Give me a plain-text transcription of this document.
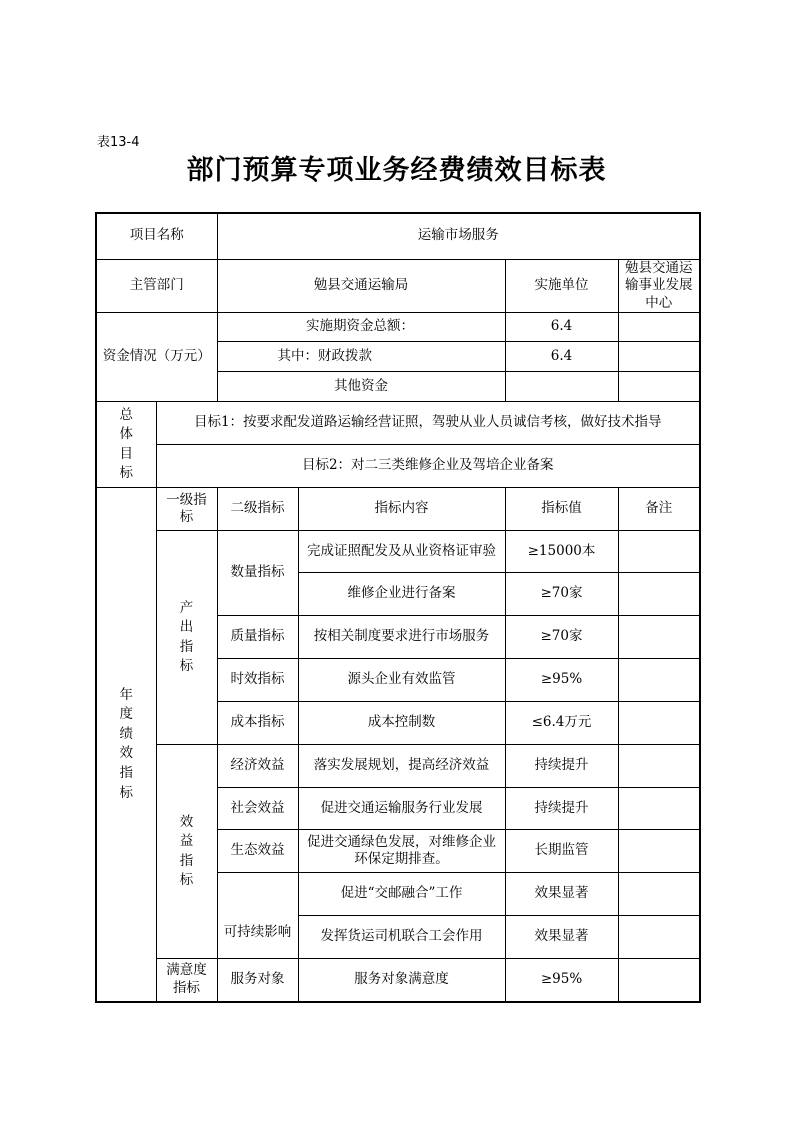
表13-4
部门预算专项业务经费绩效目标表
项目名称		运输市场服务			
主管部门		勉县交通运输局		实施单位	勉县交通运输事业发展中心
资金情况（万元）		实施期资金总额：		6.4	
		其中：财政拨款		6.4	
		其他资金			
总体目标	目标1：按要求配发道路运输经营证照，驾驶从业人员诚信考核，做好技术指导				
	目标2：对二三类维修企业及驾培企业备案				
年度绩效指标	一级指标	二级指标	指标内容	指标值	备注
	产出指标	数量指标	完成证照配发及从业资格证审验	≥15000本	
			维修企业进行备案	≥70家	
		质量指标	按相关制度要求进行市场服务	≥70家	
		时效指标	源头企业有效监管	≥95%	
		成本指标	成本控制数	≤6.4万元	
	效益指标	经济效益	落实发展规划，提高经济效益	持续提升	
		社会效益	促进交通运输服务行业发展	持续提升	
		生态效益	促进交通绿色发展，对维修企业环保定期排查。	长期监管	
		可持续影响	促进“交邮融合”工作	效果显著	
			发挥货运司机联合工会作用	效果显著	
	满意度指标	服务对象	服务对象满意度	≥95%	
